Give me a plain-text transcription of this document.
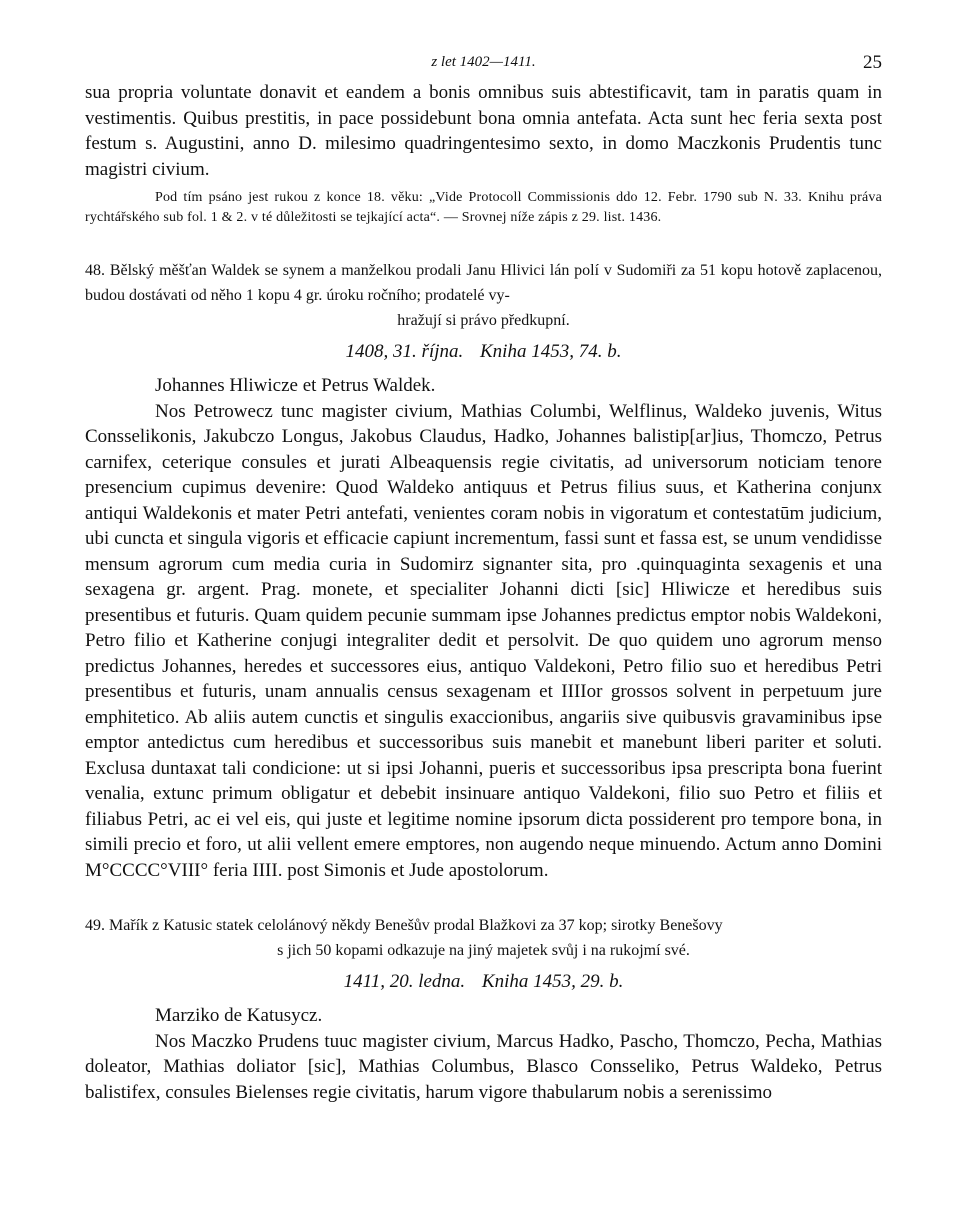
z let 1402—1411.	25

sua propria voluntate donavit et eandem a bonis omnibus suis abtestificavit, tam in paratis quam in vestimentis. Quibus prestitis, in pace possidebunt bona omnia antefata. Acta sunt hec feria sexta post festum s. Augustini, anno D. milesimo quadringentesimo sexto, in domo Maczkonis Prudentis tunc magistri civium.

Pod tím psáno jest rukou z konce 18. věku: „Vide Protocoll Commissionis ddo 12. Febr. 1790 sub N. 33. Knihu práva rychtářského sub fol. 1 & 2. v té důležitosti se tejkající acta“. — Srovnej níže zápis z 29. list. 1436.

48. Bělský měšťan Waldek se synem a manželkou prodali Janu Hlivici lán polí v Sudomiři za 51 kopu hotově zaplacenou, budou dostávati od něho 1 kopu 4 gr. úroku ročního; prodatelé vy-
hražují si právo předkupní.

1408, 31. října. Kniha 1453, 74. b.

Johannes Hliwicze et Petrus Waldek.

Nos Petrowecz tunc magister civium, Mathias Columbi, Welflinus, Waldeko juvenis, Witus Consselikonis, Jakubczo Longus, Jakobus Claudus, Hadko, Johannes balistip[ar]ius, Thomczo, Petrus carnifex, ceterique consules et jurati Albeaquensis regie civitatis, ad universorum noticiam tenore presencium cupimus devenire: Quod Waldeko antiquus et Petrus filius suus, et Katherina conjunx antiqui Waldekonis et mater Petri antefati, venientes coram nobis in vigoratum et contestatūm judicium, ubi cuncta et singula vigoris et efficacie capiunt incrementum, fassi sunt et fassa est, se unum vendidisse mensum agrorum cum media curia in Sudomirz signanter sita, pro .quinquaginta sexagenis et una sexagena gr. argent. Prag. monete, et specialiter Johanni dicti [sic] Hliwicze et heredibus suis presentibus et futuris. Quam quidem pecunie summam ipse Johannes predictus emptor nobis Waldekoni, Petro filio et Katherine conjugi integraliter dedit et persolvit. De quo quidem uno agrorum menso predictus Johannes, heredes et successores eius, antiquo Valdekoni, Petro filio suo et heredibus Petri presentibus et futuris, unam annualis census sexagenam et IIIIor grossos solvent in perpetuum jure emphitetico. Ab aliis autem cunctis et singulis exaccionibus, angariis sive quibusvis gravaminibus ipse emptor antedictus cum heredibus et successoribus suis manebit et manebunt liberi pariter et soluti. Exclusa duntaxat tali condicione: ut si ipsi Johanni, pueris et successoribus ipsa prescripta bona fuerint venalia, extunc primum obligatur et debebit insinuare antiquo Valdekoni, filio suo Petro et filiis et filiabus Petri, ac ei vel eis, qui juste et legitime nomine ipsorum dicta possiderent pro tempore bona, in simili precio et foro, ut alii vellent emere emptores, non augendo neque minuendo. Actum anno Domini M°CCCC°VIII° feria IIII. post Simonis et Jude apostolorum.

49. Mařík z Katusic statek celolánový někdy Benešův prodal Blažkovi za 37 kop; sirotky Benešovy
s jich 50 kopami odkazuje na jiný majetek svůj i na rukojmí své.

1411, 20. ledna. Kniha 1453, 29. b.

Marziko de Katusycz.

Nos Maczko Prudens tuuc magister civium, Marcus Hadko, Pascho, Thomczo, Pecha, Mathias doleator, Mathias doliator [sic], Mathias Columbus, Blasco Consseliko, Petrus Waldeko, Petrus balistifex, consules Bielenses regie civitatis, harum vigore thabularum nobis a serenissimo
